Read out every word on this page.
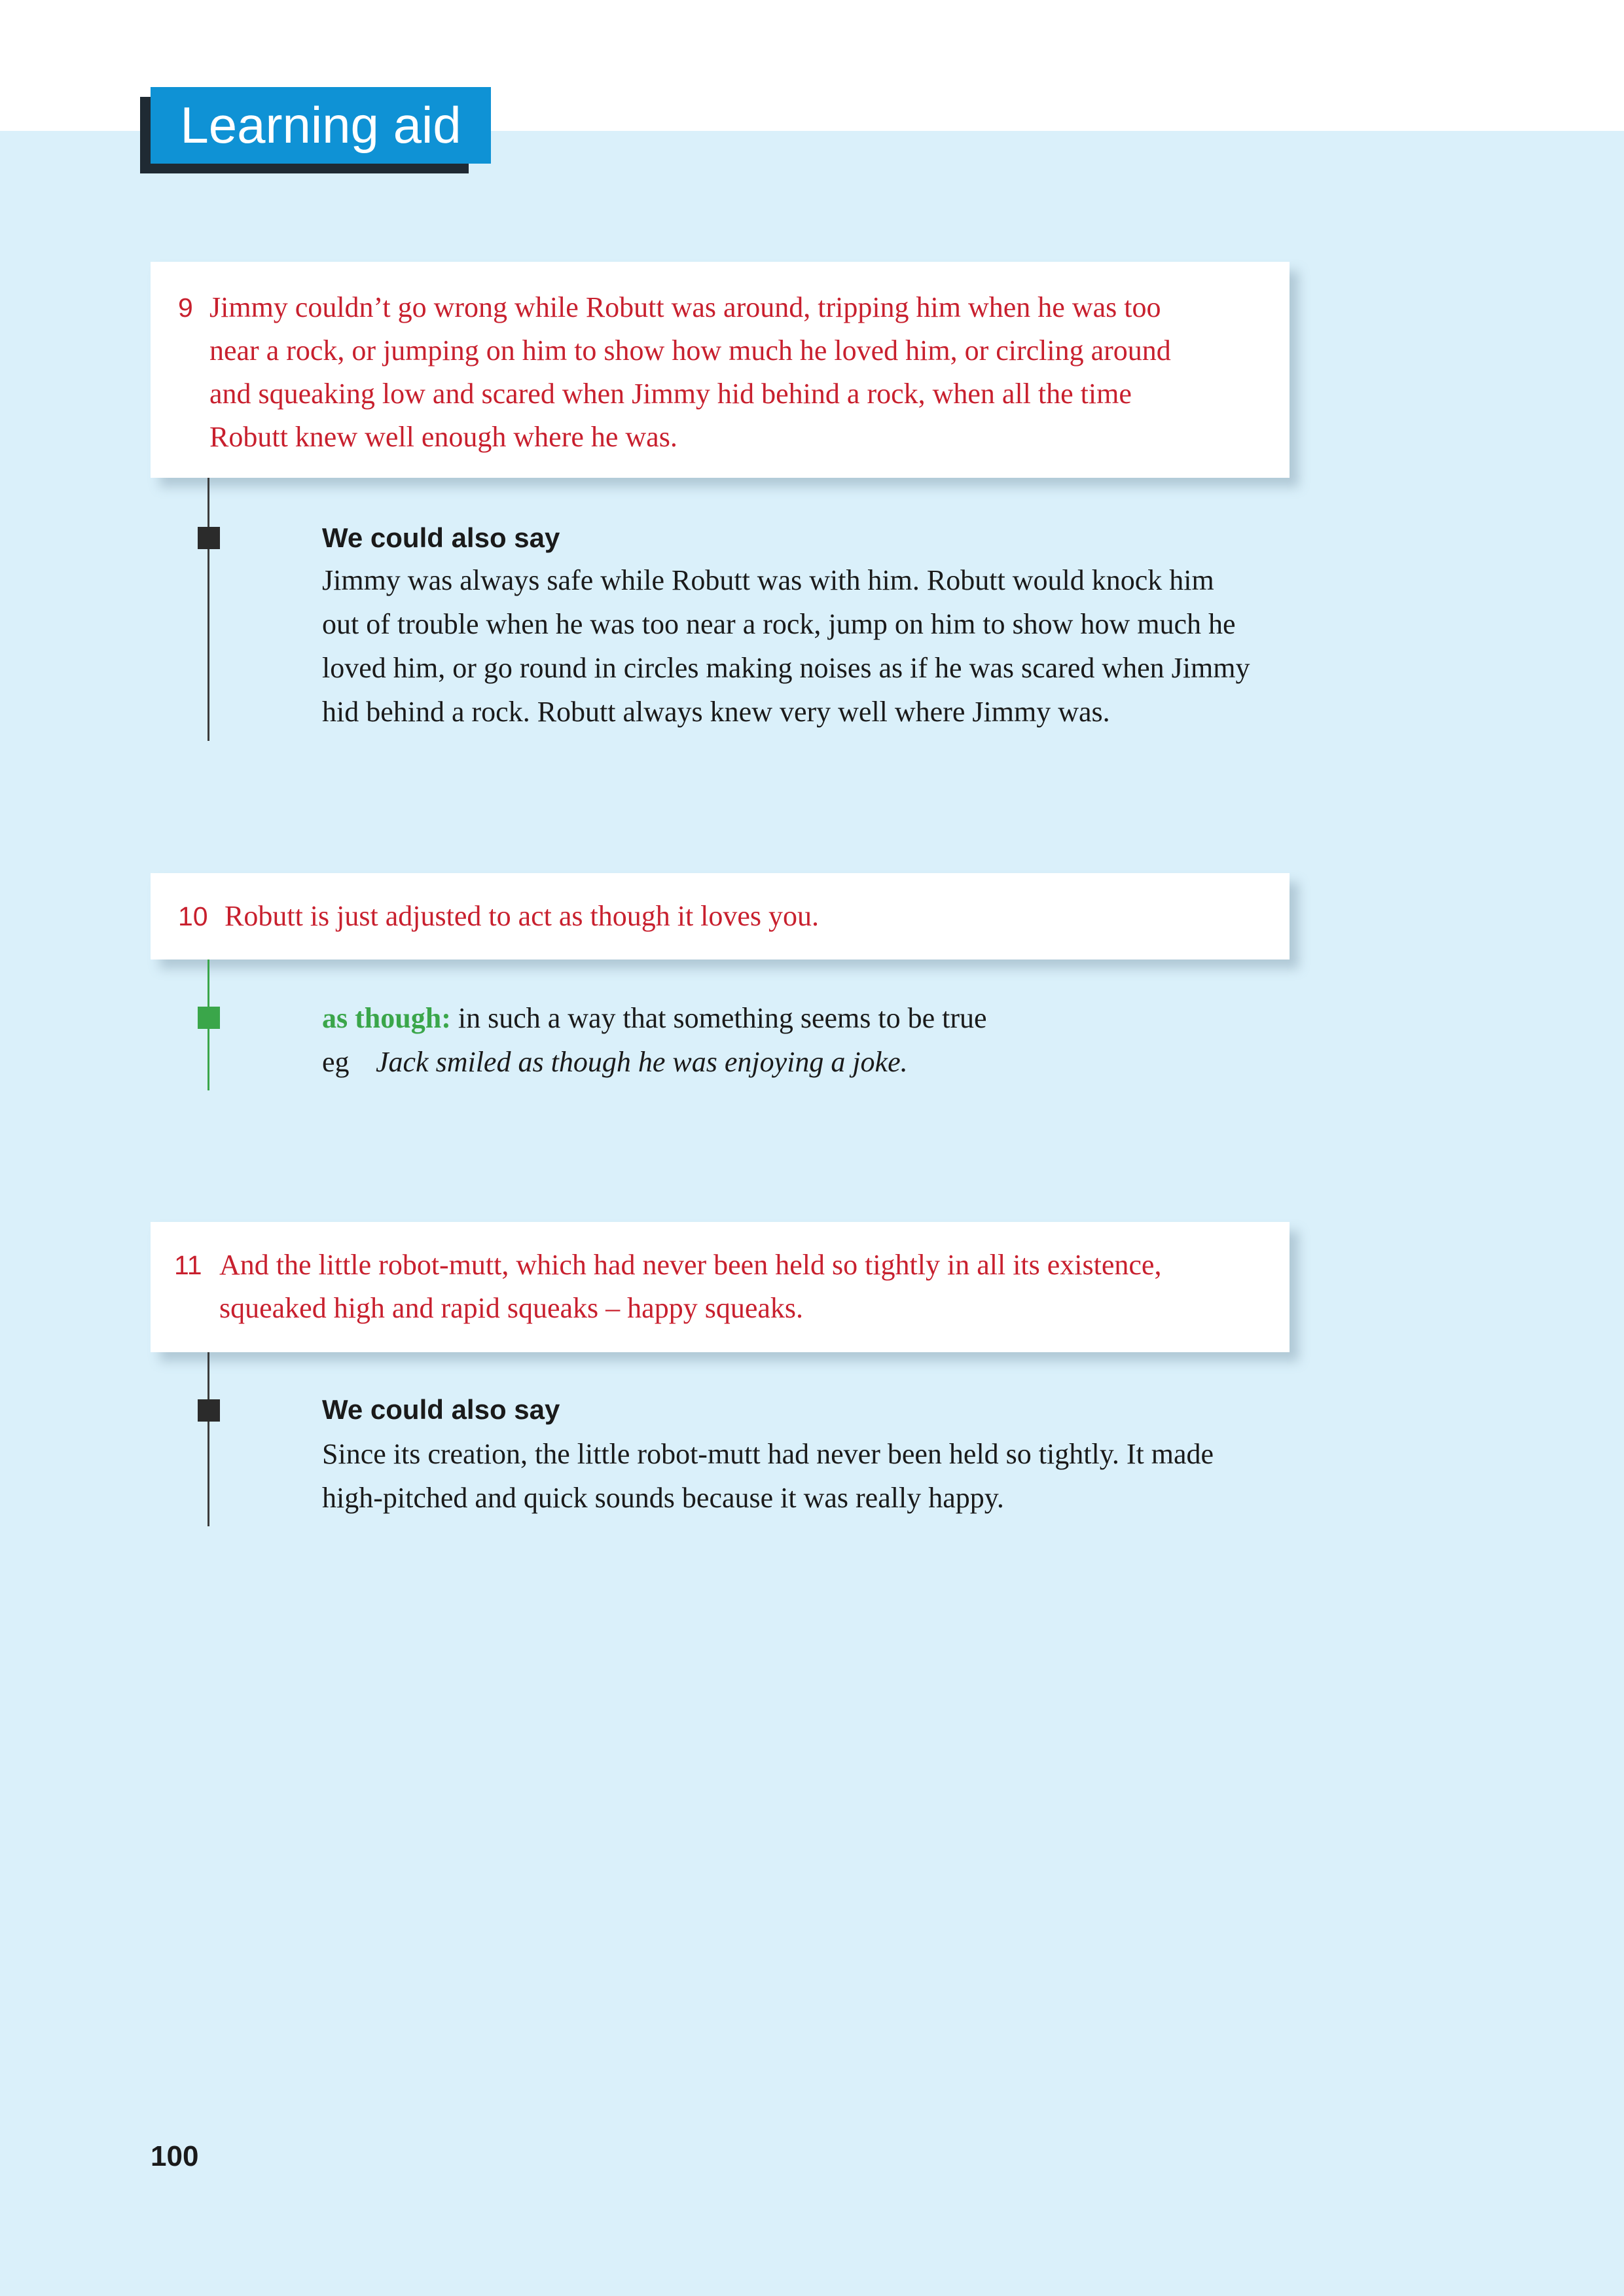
Learning aid
9 Jimmy couldn’t go wrong while Robutt was around, tripping him when he was too
near a rock, or jumping on him to show how much he loved him, or circling around
and squeaking low and scared when Jimmy hid behind a rock, when all the time
Robutt knew well enough where he was.
We could also say
Jimmy was always safe while Robutt was with him. Robutt would knock him
out of trouble when he was too near a rock, jump on him to show how much he
loved him, or go round in circles making noises as if he was scared when Jimmy
hid behind a rock. Robutt always knew very well where Jimmy was.
10 Robutt is just adjusted to act as though it loves you.
as though: in such a way that something seems to be true
eg Jack smiled as though he was enjoying a joke.
11 And the little robot-mutt, which had never been held so tightly in all its existence,
squeaked high and rapid squeaks – happy squeaks.
We could also say
Since its creation, the little robot-mutt had never been held so tightly. It made
high-pitched and quick sounds because it was really happy.
100
